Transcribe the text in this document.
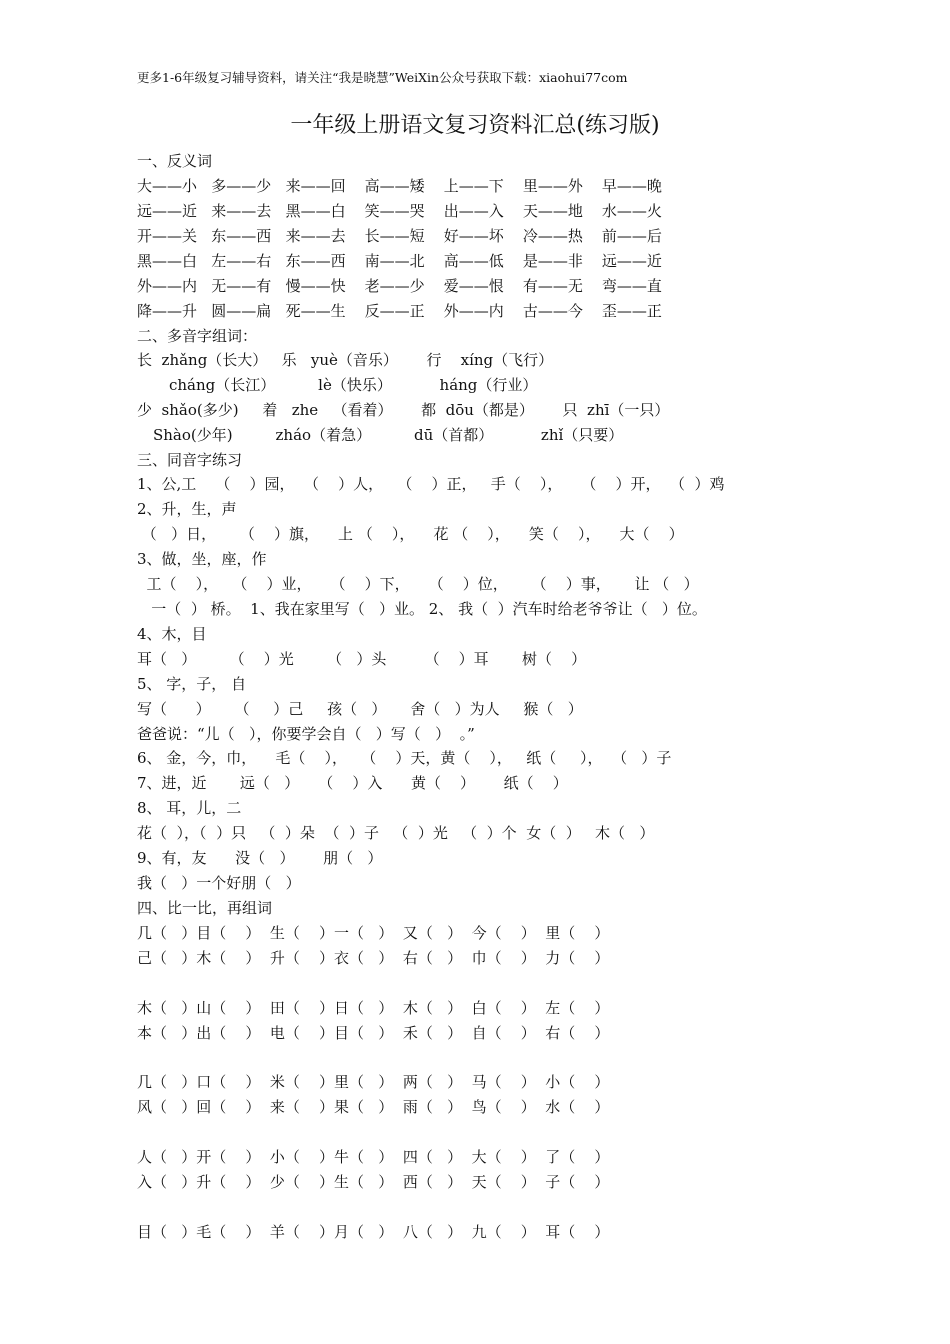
更多1-6年级复习辅导资料，请关注“我是晓慧”WeiXin公众号获取下载：xiaohui77com
一年级上册语文复习资料汇总(练习版)
一、反义词
大——小   多——少   来——回    高——矮    上——下    里——外    早——晚
远——近   来——去   黑——白    笑——哭    出——入    天——地    水——火
开——关   东——西   来——去    长——短    好——坏    冷——热    前——后
黑——白   左——右   东——西    南——北    高——低    是——非    远——近
外——内   无——有   慢——快    老——少    爱——恨    有——无    弯——直
降——升   圆——扁   死——生    反——正    外——内    古——今    歪——正
二、多音字组词：
长  zhǎng（长大）   乐   yuè（音乐）      行    xíng（飞行）
cháng（长江）         lè（快乐）          háng（行业）
少  shǎo(多少)     着   zhe   （看着）      都  dōu（都是）      只  zhī（一只）
Shào(少年)         zháo（着急）         dū（首都）          zhǐ（只要）
三、同音字练习
1、公,工    （    ）园，  （    ）人，   （    ）正，   手（    ），    （    ）开，  （  ）鸡
2、升，生，声
（   ）日，     （    ）旗，    上 （    ），    花 （    ），    笑（    ），    大（    ）
3、做，坐，座，作
工（    ），   （    ）业，    （    ）下，    （    ）位，     （    ）事，     让 （   ）
一（  ） 桥。  1、我在家里写（   ）业。 2、 我（  ）汽车时给老爷爷让（   ）位。
4、木，目
耳（   ）       （    ）光       （   ）头        （    ）耳       树（    ）
5、 字，子， 自
写（      ）     （     ）己     孩（   ）     舍（   ）为人     猴（   ）
爸爸说：“儿（   ），你要学会自（   ）写（   ）  。”
6、 金，今，巾，    毛（    ），   （    ）天，黄（    ），   纸（     ），  （   ）子
7、进，近       远（   ）    （    ）入      黄（    ）      纸（    ）
8、 耳，儿，二
花（  ），（  ）只   （  ）朵  （  ）子   （  ）光   （  ）个  女（  ）   木（   ）
9、有，友      没（   ）      朋（   ）
我（   ）一个好朋（   ）
四、比一比，再组词
几（   ）目（    ）  生（    ）一（   ）  又（   ）  今（    ）  里（    ）
己（   ）木（    ）  升（    ）衣（   ）  右（   ）  巾（    ）  力（    ）
木（   ）山（    ）  田（    ）日（   ）  木（   ）  白（    ）  左（    ）
本（   ）出（    ）  电（    ）目（   ）  禾（   ）  自（    ）  右（    ）
几（   ）口（    ）  米（    ）里（   ）  两（   ）  马（    ）  小（    ）
风（   ）回（    ）  来（    ）果（   ）  雨（   ）  鸟（    ）  水（    ）
人（   ）开（    ）  小（    ）牛（   ）  四（   ）  大（    ）  了（    ）
入（   ）升（    ）  少（    ）生（   ）  西（   ）  天（    ）  子（    ）
目（   ）毛（    ）  羊（    ）月（   ）  八（   ）  九（    ）  耳（    ）
